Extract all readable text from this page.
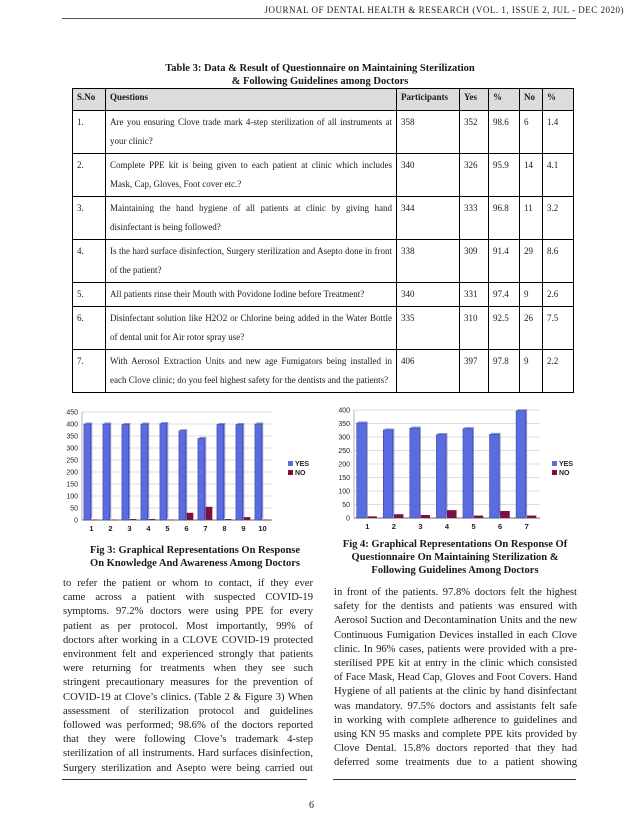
JOURNAL OF DENTAL HEALTH & RESEARCH (VOL. 1, ISSUE 2, JUL - DEC 2020)
Table 3: Data & Result of Questionnaire on Maintaining Sterilization
& Following Guidelines among Doctors
S.No	Questions	Participants	Yes	%	No	%
1.	Are you ensuring Clove trade mark 4-step sterilization of all instruments at your clinic?	358	352	98.6	6	1.4
2.	Complete PPE kit is being given to each patient at clinic which includes Mask, Cap, Gloves, Foot cover etc.?	340	326	95.9	14	4.1
3.	Maintaining the hand hygiene of all patients at clinic by giving hand disinfectant is being followed?	344	333	96.8	11	3.2
4.	Is the hard surface disinfection, Surgery sterilization and Asepto done in front of the patient?	338	309	91.4	29	8.6
5.	All patients rinse their Mouth with Povidone Iodine before Treatment?	340	331	97.4	9	2.6
6.	Disinfectant solution like H2O2 or Chlorine being added in the Water Bottle of dental unit for Air rotor spray use?	335	310	92.5	26	7.5
7.	With Aerosol Extraction Units and new age Fumigators being installed in each Clove clinic; do you feel highest safety for the dentists and the patients?	406	397	97.8	9	2.2
0
50
100
150
200
250
300
350
400
450
1 2 3 4 5 6 7 8 9 10
YES
NO
0
50
100
150
200
250
300
350
400
1	2	3	4	5	6	7
YES
NO
Fig 3: Graphical Representations On Response
On Knowledge And Awareness Among Doctors
Fig 4: Graphical Representations On Response Of
Questionnaire On Maintaining Sterilization &
Following Guidelines Among Doctors
to refer the patient or whom to contact, if they ever
came across a patient with suspected COVID-19
symptoms. 97.2% doctors were using PPE for every
patient as per protocol. Most importantly, 99% of
doctors after working in a CLOVE COVID-19 protected
environment felt and experienced strongly that patients
were returning for treatments when they see such
stringent precautionary measures for the prevention of
COVID-19 at Clove’s clinics. (Table 2 & Figure 3) When
assessment of sterilization protocol and guidelines
followed was performed; 98.6% of the doctors reported
that they were following Clove’s trademark 4-step
sterilization of all instruments. Hard surfaces disinfection,
Surgery sterilization and Asepto were being carried out
in front of the patients. 97.8% doctors felt the highest
safety for the dentists and patients was ensured with
Aerosol Suction and Decontamination Units and the new
Continuous Fumigation Devices installed in each Clove
clinic. In 96% cases, patients were provided with a pre-
sterilised PPE kit at entry in the clinic which consisted
of Face Mask, Head Cap, Gloves and Foot Covers. Hand
Hygiene of all patients at the clinic by hand disinfectant
was mandatory. 97.5% doctors and assistants felt safe
in working with complete adherence to guidelines and
using KN 95 masks and complete PPE kits provided by
Clove Dental. 15.8% doctors reported that they had
deferred some treatments due to a patient showing
6
